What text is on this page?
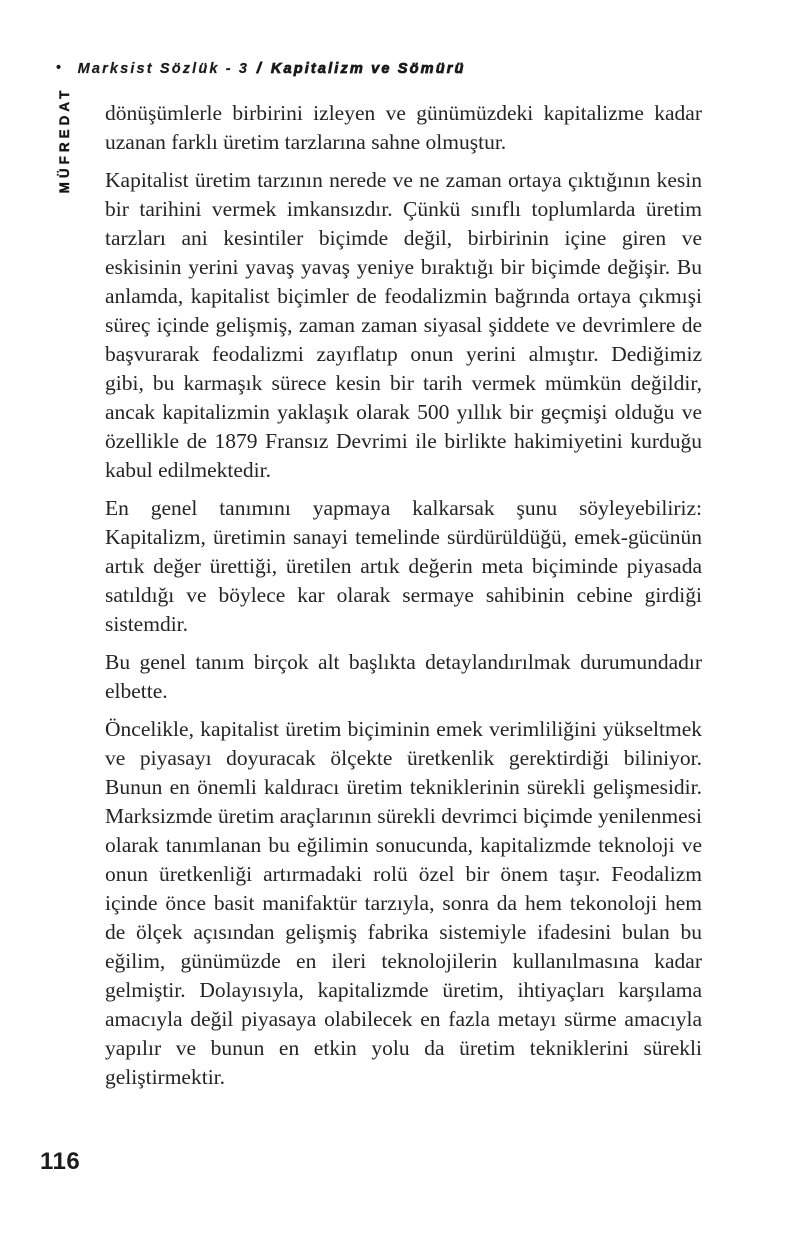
• Marksist Sözlük - 3 / Kapitalizm ve Sömürü
MÜFREDAT dönüşümlerle birbirini izleyen ve günümüzdeki kapitalizme kadar uzanan farklı üretim tarzlarına sahne olmuştur.

Kapitalist üretim tarzının nerede ve ne zaman ortaya çıktığının kesin bir tarihini vermek imkansızdır. Çünkü sınıflı toplumlarda üretim tarzları ani kesintiler biçimde değil, birbirinin içine giren ve eskisinin yerini yavaş yavaş yeniye bıraktığı bir biçimde değişir. Bu anlamda, kapitalist biçimler de feodalizmin bağrında ortaya çıkmışi süreç içinde gelişmiş, zaman zaman siyasal şiddete ve devrimlere de başvurarak feodalizmi zayıflatıp onun yerini almıştır. Dediğimiz gibi, bu karmaşık sürece kesin bir tarih vermek mümkün değildir, ancak kapitalizmin yaklaşık olarak 500 yıllık bir geçmişi olduğu ve özellikle de 1879 Fransız Devrimi ile birlikte hakimiyetini kurduğu kabul edilmektedir.

En genel tanımını yapmaya kalkarsak şunu söyleyebiliriz: Kapitalizm, üretimin sanayi temelinde sürdürüldüğü, emek-gücünün artık değer ürettiği, üretilen artık değerin meta biçiminde piyasada satıldığı ve böylece kar olarak sermaye sahibinin cebine girdiği sistemdir.

Bu genel tanım birçok alt başlıkta detaylandırılmak durumundadır elbette.

Öncelikle, kapitalist üretim biçiminin emek verimliliğini yükseltmek ve piyasayı doyuracak ölçekte üretkenlik gerektirdiği biliniyor. Bunun en önemli kaldıracı üretim tekniklerinin sürekli gelişmesidir. Marksizmde üretim araçlarının sürekli devrimci biçimde yenilenmesi olarak tanımlanan bu eğilimin sonucunda, kapitalizmde teknoloji ve onun üretkenliği artırmadaki rolü özel bir önem taşır. Feodalizm içinde önce basit manifaktür tarzıyla, sonra da hem tekonoloji hem de ölçek açısından gelişmiş fabrika sistemiyle ifadesini bulan bu eğilim, günümüzde en ileri teknolojilerin kullanılmasına kadar gelmiştir. Dolayısıyla, kapitalizmde üretim, ihtiyaçları karşılama amacıyla değil piyasaya olabilecek en fazla metayı sürme amacıyla yapılır ve bunun en etkin yolu da üretim tekniklerini sürekli geliştirmektir.

116
